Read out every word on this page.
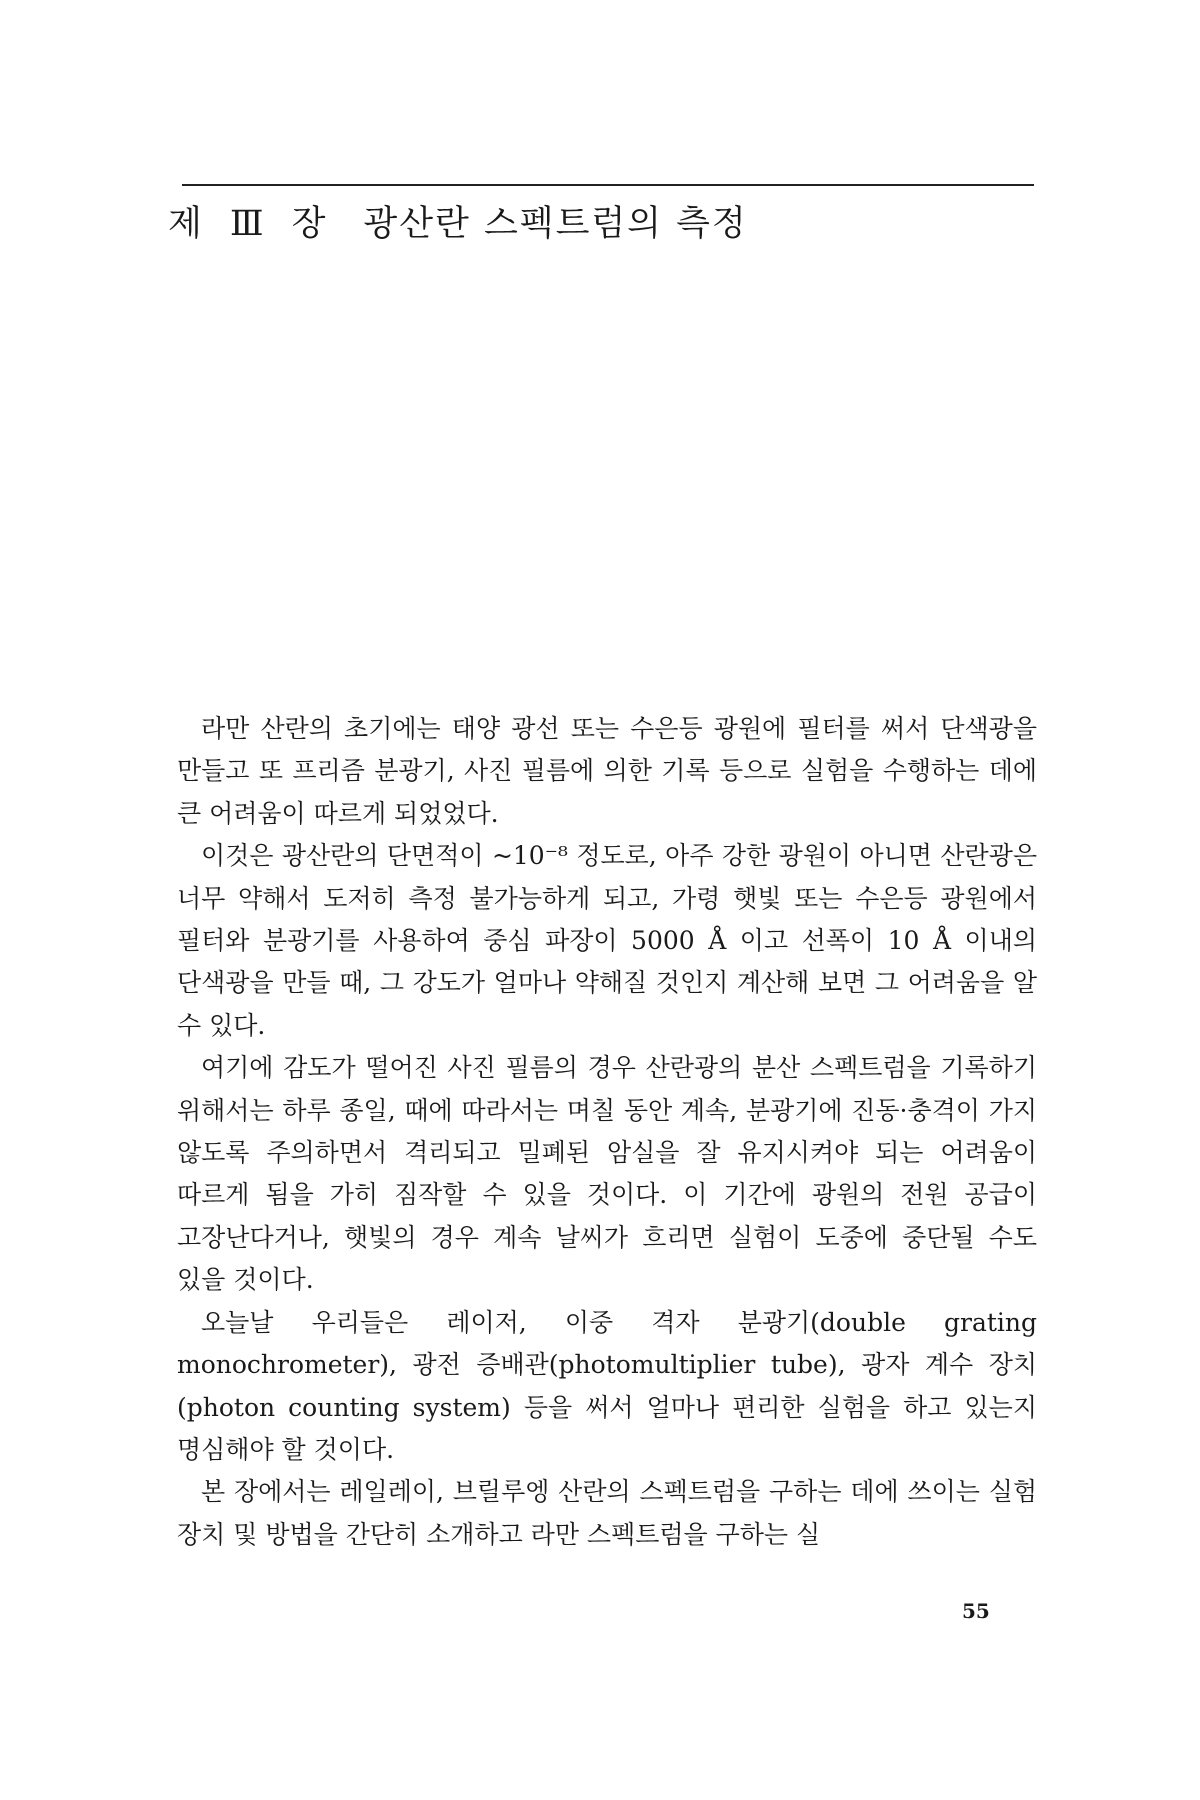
제 Ⅲ 장 광산란 스펙트럼의 측정

라만 산란의 초기에는 태양 광선 또는 수은등 광원에 필터를 써서 단색광을 만들고 또 프리즘 분광기, 사진 필름에 의한 기록 등으로 실험을 수행하는 데에 큰 어려움이 따르게 되었었다.

이것은 광산란의 단면적이 ~10⁻⁸ 정도로, 아주 강한 광원이 아니면 산란광은 너무 약해서 도저히 측정 불가능하게 되고, 가령 햇빛 또는 수은등 광원에서 필터와 분광기를 사용하여 중심 파장이 5000 Å 이고 선폭이 10 Å 이내의 단색광을 만들 때, 그 강도가 얼마나 약해질 것인지 계산해 보면 그 어려움을 알 수 있다.

여기에 감도가 떨어진 사진 필름의 경우 산란광의 분산 스펙트럼을 기록하기 위해서는 하루 종일, 때에 따라서는 며칠 동안 계속, 분광기에 진동·충격이 가지 않도록 주의하면서 격리되고 밀폐된 암실을 잘 유지시켜야 되는 어려움이 따르게 됨을 가히 짐작할 수 있을 것이다. 이 기간에 광원의 전원 공급이 고장난다거나, 햇빛의 경우 계속 날씨가 흐리면 실험이 도중에 중단될 수도 있을 것이다.

오늘날 우리들은 레이저, 이중 격자 분광기(double grating monochrometer), 광전 증배관(photomultiplier tube), 광자 계수 장치(photon counting system) 등을 써서 얼마나 편리한 실험을 하고 있는지 명심해야 할 것이다.

본 장에서는 레일레이, 브릴루엥 산란의 스펙트럼을 구하는 데에 쓰이는 실험 장치 및 방법을 간단히 소개하고 라만 스펙트럼을 구하는 실

55
